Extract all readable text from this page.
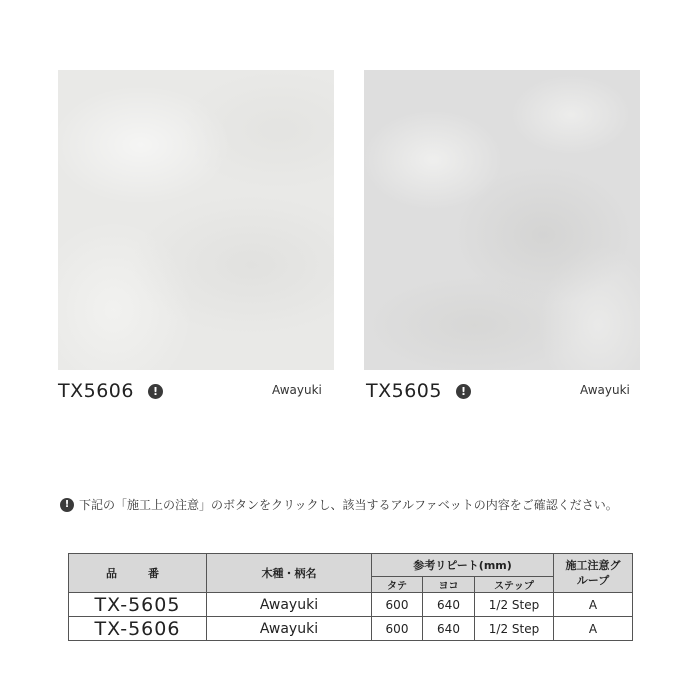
TX5606	!	Awayuki TX5605	!	Awayuki
! 下記の「施工上の注意」のボタンをクリックし、該当するアルファベットの内容をご確認ください。
品　番	木種・柄名	参考リピート(mm)			施工注意グループ
		タテ	ヨコ	ステップ	
TX-5605	Awayuki	600	640	1/2 Step	A
TX-5606	Awayuki	600	640	1/2 Step	A
